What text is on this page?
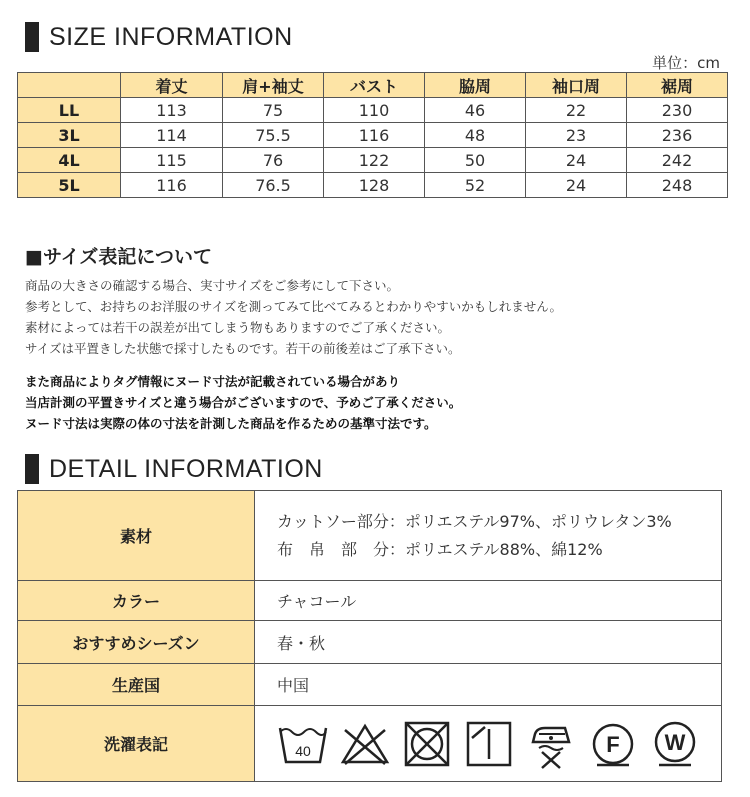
SIZE INFORMATION
単位：cm
	着丈	肩+袖丈	バスト	脇周	袖口周	裾周
LL	113	75	110	46	22	230
3L	114	75.5	116	48	23	236
4L	115	76	122	50	24	242
5L	116	76.5	128	52	24	248
■サイズ表記について
商品の大きさの確認する場合、実寸サイズをご参考にして下さい。
参考として、お持ちのお洋服のサイズを測ってみて比べてみるとわかりやすいかもしれません。
素材によっては若干の誤差が出てしまう物もありますのでご了承ください。
サイズは平置きした状態で採寸したものです。若干の前後差はご了承下さい。
また商品によりタグ情報にヌード寸法が記載されている場合があり
当店計測の平置きサイズと違う場合がございますので、予めご了承ください。
ヌード寸法は実際の体の寸法を計測した商品を作るための基準寸法です。
DETAIL INFORMATION
素材	カットソー部分：ポリエステル97%、ポリウレタン3%
布　帛　部　分：ポリエステル88%、綿12%

カラー	チャコール
おすすめシーズン	春・秋
生産国	中国
洗濯表記	40 F W
